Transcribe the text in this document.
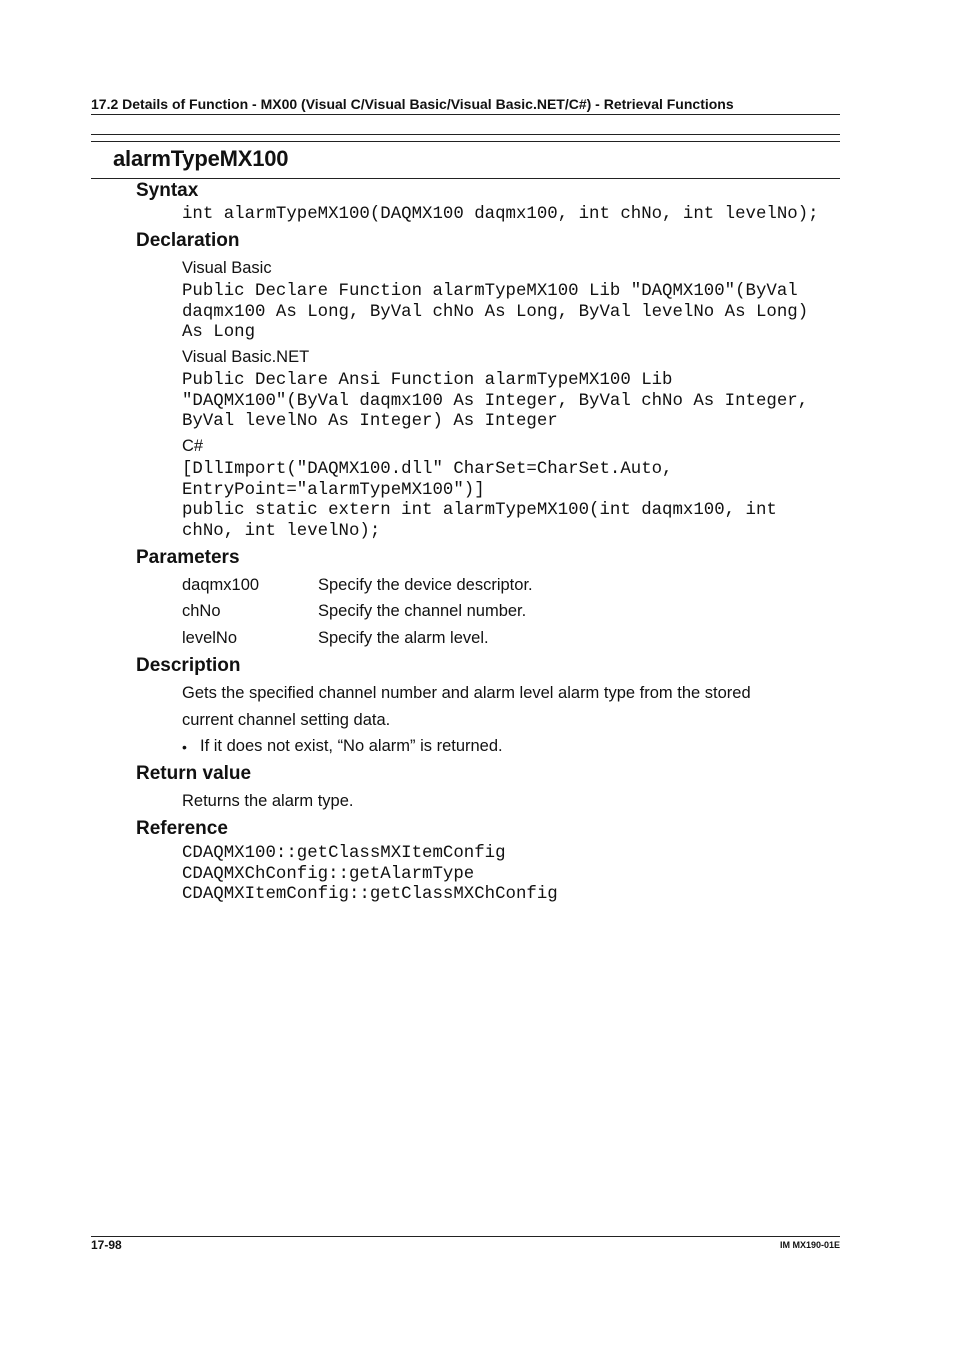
17.2 Details of Function - MX00 (Visual C/Visual Basic/Visual Basic.NET/C#) - Retrieval Functions
alarmTypeMX100
Syntax
int alarmTypeMX100(DAQMX100 daqmx100, int chNo, int levelNo);
Declaration
Visual Basic
Public Declare Function alarmTypeMX100 Lib "DAQMX100"(ByVal
daqmx100 As Long, ByVal chNo As Long, ByVal levelNo As Long)
As Long
Visual Basic.NET
Public Declare Ansi Function alarmTypeMX100 Lib
"DAQMX100"(ByVal daqmx100 As Integer, ByVal chNo As Integer,
ByVal levelNo As Integer) As Integer
C#
[DllImport("DAQMX100.dll" CharSet=CharSet.Auto,
EntryPoint="alarmTypeMX100")]
public static extern int alarmTypeMX100(int daqmx100, int
chNo, int levelNo);
Parameters
daqmx100	Specify the device descriptor.
chNo	Specify the channel number.
levelNo	Specify the alarm level.
Description
Gets the specified channel number and alarm level alarm type from the stored
current channel setting data.
• If it does not exist, “No alarm” is returned.
Return value
Returns the alarm type.
Reference
CDAQMX100::getClassMXItemConfig
CDAQMXChConfig::getAlarmType
CDAQMXItemConfig::getClassMXChConfig
17-98	IM MX190-01E
